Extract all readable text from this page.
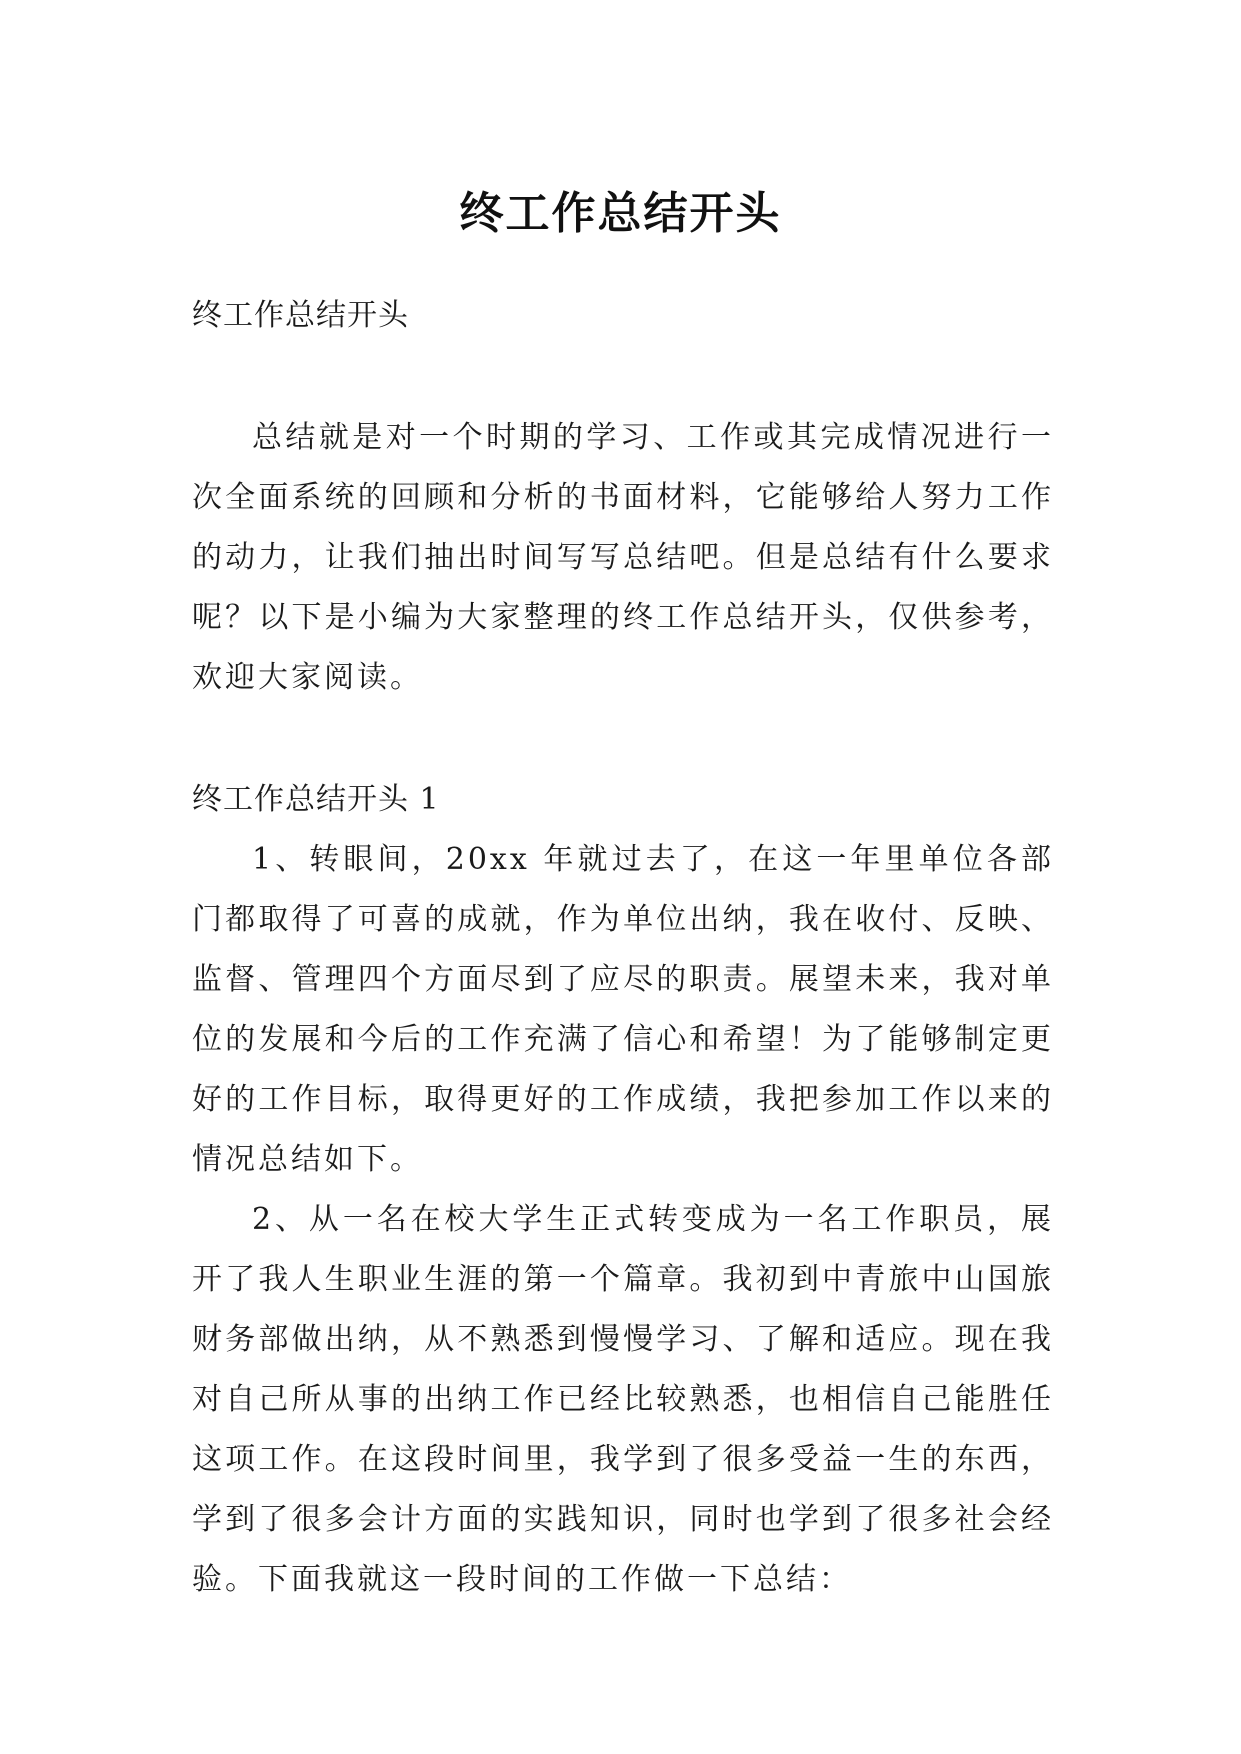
终工作总结开头

终工作总结开头

总结就是对一个时期的学习、工作或其完成情况进行一次全面系统的回顾和分析的书面材料，它能够给人努力工作的动力，让我们抽出时间写写总结吧。但是总结有什么要求呢？以下是小编为大家整理的终工作总结开头，仅供参考，欢迎大家阅读。

终工作总结开头 1

1、转眼间，20xx 年就过去了，在这一年里单位各部门都取得了可喜的成就，作为单位出纳，我在收付、反映、监督、管理四个方面尽到了应尽的职责。展望未来，我对单位的发展和今后的工作充满了信心和希望！为了能够制定更好的工作目标，取得更好的工作成绩，我把参加工作以来的情况总结如下。

2、从一名在校大学生正式转变成为一名工作职员，展开了我人生职业生涯的第一个篇章。我初到中青旅中山国旅财务部做出纳，从不熟悉到慢慢学习、了解和适应。现在我对自己所从事的出纳工作已经比较熟悉，也相信自己能胜任这项工作。在这段时间里，我学到了很多受益一生的东西，学到了很多会计方面的实践知识，同时也学到了很多社会经验。下面我就这一段时间的工作做一下总结：
